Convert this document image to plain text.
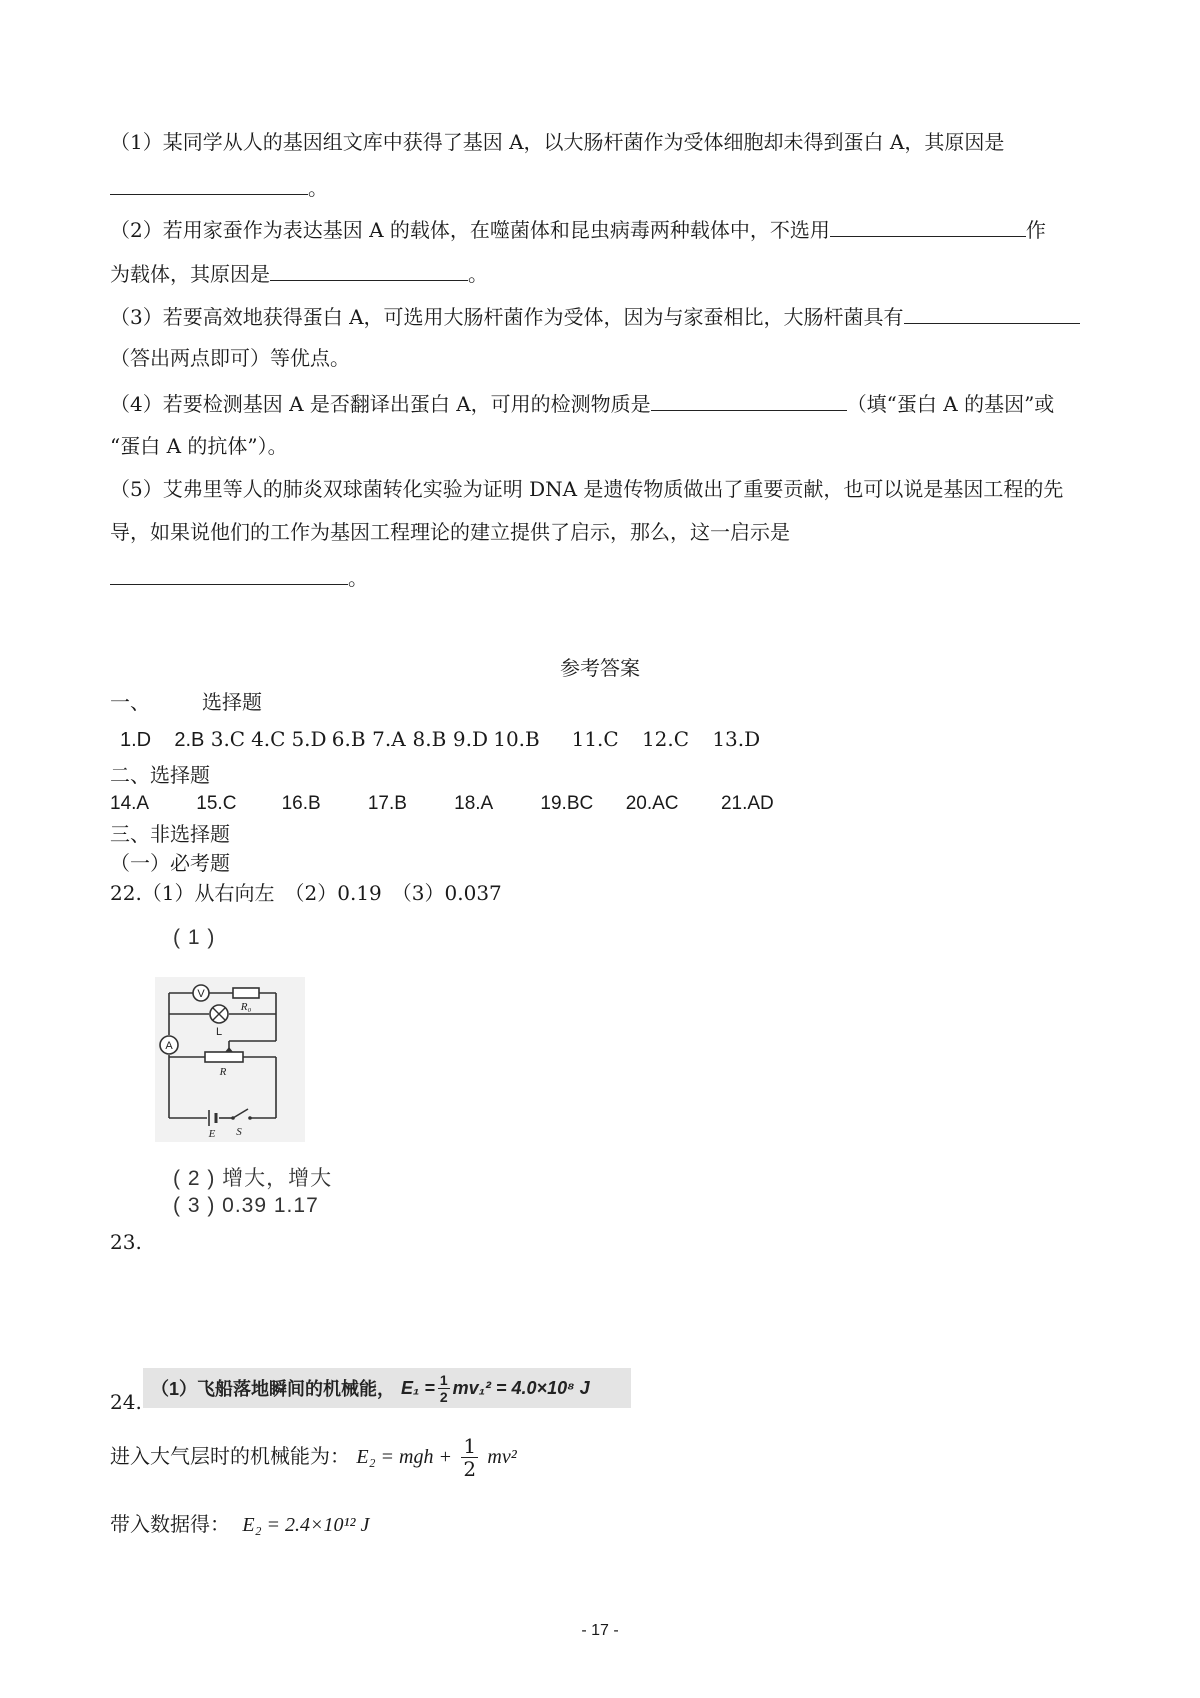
（1）某同学从人的基因组文库中获得了基因 A，以大肠杆菌作为受体细胞却未得到蛋白 A，其原因是
。
（2）若用家蚕作为表达基因 A 的载体，在噬菌体和昆虫病毒两种载体中，不选用	作
为载体，其原因是	。
（3）若要高效地获得蛋白 A，可选用大肠杆菌作为受体，因为与家蚕相比，大肠杆菌具有
（答出两点即可）等优点。
（4）若要检测基因 A 是否翻译出蛋白 A，可用的检测物质是	（填“蛋白 A 的基因”或
“蛋白 A 的抗体”）。
（5）艾弗里等人的肺炎双球菌转化实验为证明 DNA 是遗传物质做出了重要贡献，也可以说是基因工程的先
导，如果说他们的工作为基因工程理论的建立提供了启示，那么，这一启示是
。
参考答案
一、	选择题
1.D 2.B 3.C 4.C 5.D 6.B 7.A 8.B 9.D 10.B 11.C 12.C 13.D
二、选择题
14.A 15.C 16.B 17.B 18.A 19.BC 20.AC 21.AD
三、非选择题
（一）必考题
22.（1）从右向左　（2）0.19　（3）0.037
( 1 )
V
R₀
L
A
R
E S
( 2 ) 增大，增大
( 3 ) 0.39 1.17
23.
24.
（1）飞船落地瞬间的机械能， $E_1 = \frac{1}{2} mv_1^2 = 4.0\times 10^8$ J
进入大气层时的机械能为： E₂ = mgh + $\frac{1}{2} mv^2$
带入数据得： E₂ = 2.4×10¹² J
- 17 -
